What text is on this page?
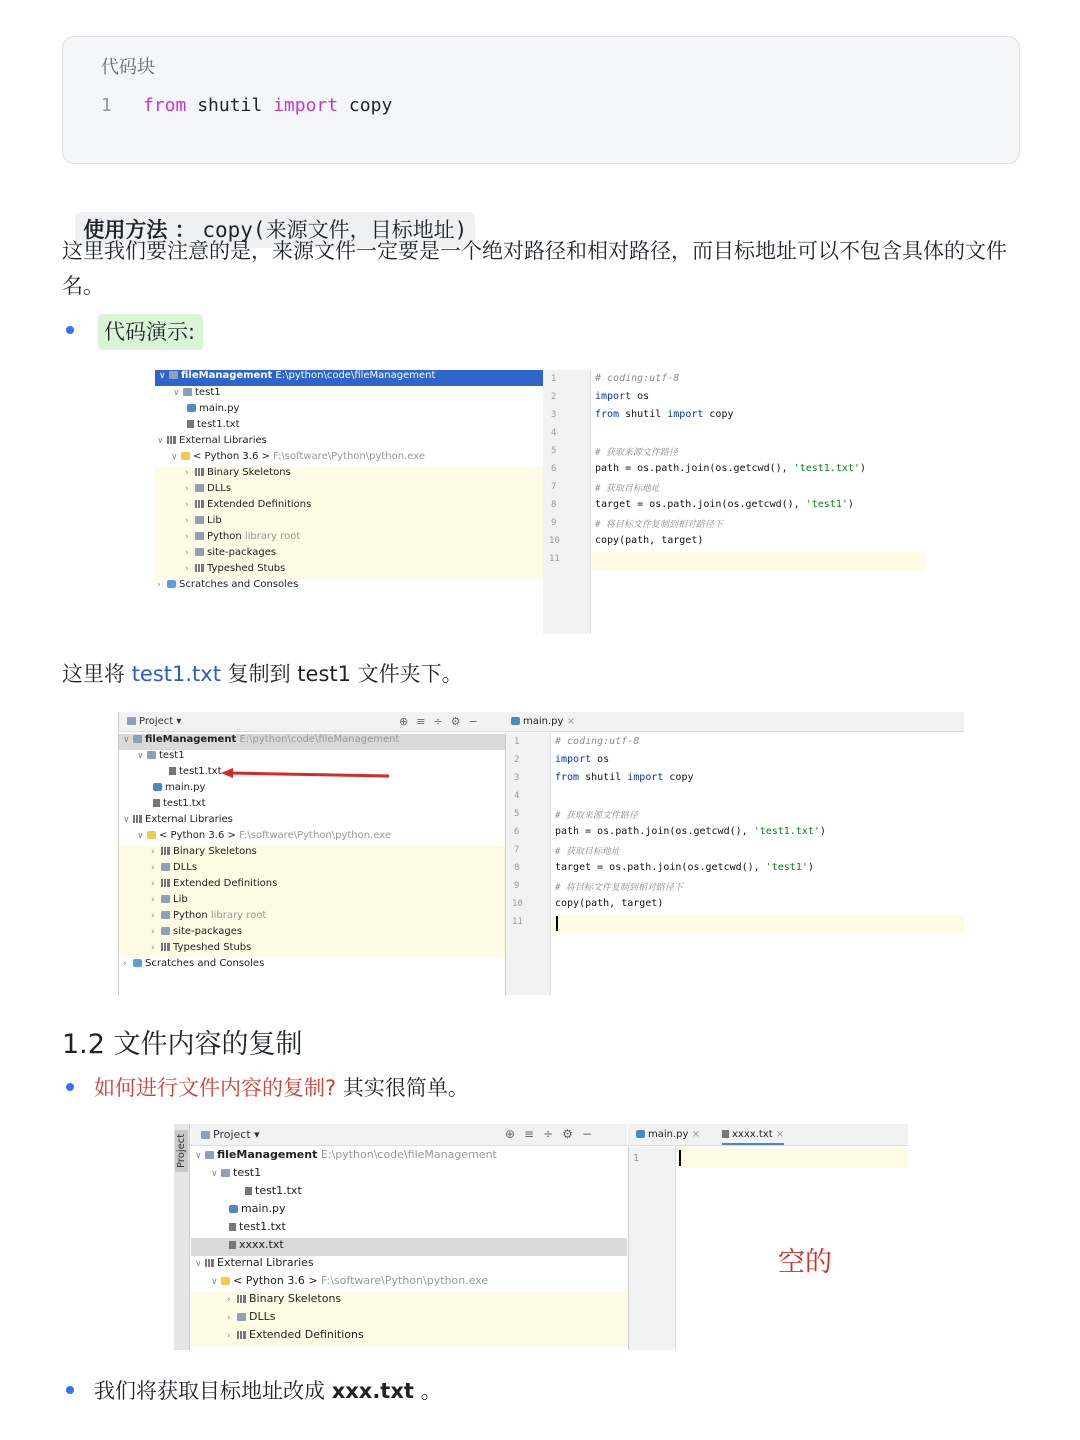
代码块
1 from shutil import copy

使用方法 ： copy(来源文件，目标地址)

这里我们要注意的是，来源文件一定要是一个绝对路径和相对路径，而目标地址可以不包含具体的文件名。
代码演示:
∨ fileManagement E:\python\code\fileManagement
∨ test1
main.py
test1.txt
∨ External Libraries
∨ < Python 3.6 > F:\software\Python\python.exe
› Binary Skeletons
› DLLs
› Extended Definitions
› Lib
› Python library root
› site-packages
› Typeshed Stubs
› Scratches and Consoles
1
2
3
4
5
6
7
8
9
10
11
# coding:utf-8
import os
from shutil import copy
# 获取来源文件路径
path = os.path.join(os.getcwd(), 'test1.txt')
# 获取目标地址
target = os.path.join(os.getcwd(), 'test1')
# 将目标文件复制到相对路径下
copy(path, target)
这里将 test1.txt 复制到 test1 文件夹下。
Project ▾	⊕≡÷⚙−	main.py ×
∨ fileManagement E:\python\code\fileManagement
∨ test1
test1.txt
main.py
test1.txt
∨ External Libraries
∨ < Python 3.6 > F:\software\Python\python.exe
› Binary Skeletons
› DLLs
› Extended Definitions
› Lib
› Python library root
› site-packages
› Typeshed Stubs
› Scratches and Consoles
1
2
3
4
5
6
7
8
9
10
11
# coding:utf-8
import os
from shutil import copy
# 获取来源文件路径
path = os.path.join(os.getcwd(), 'test1.txt')
# 获取目标地址
target = os.path.join(os.getcwd(), 'test1')
# 将目标文件复制到相对路径下
copy(path, target)
1.2 文件内容的复制
如何进行文件内容的复制? 其实很简单。
Project	Project ▾	⊕≡÷⚙−	main.py ×	xxxx.txt ×
∨ fileManagement E:\python\code\fileManagement
∨ test1
test1.txt
main.py
test1.txt
xxxx.txt
∨ External Libraries
∨ < Python 3.6 > F:\software\Python\python.exe
› Binary Skeletons
› DLLs
› Extended Definitions
1
空的
我们将获取目标地址改成 xxx.txt 。
